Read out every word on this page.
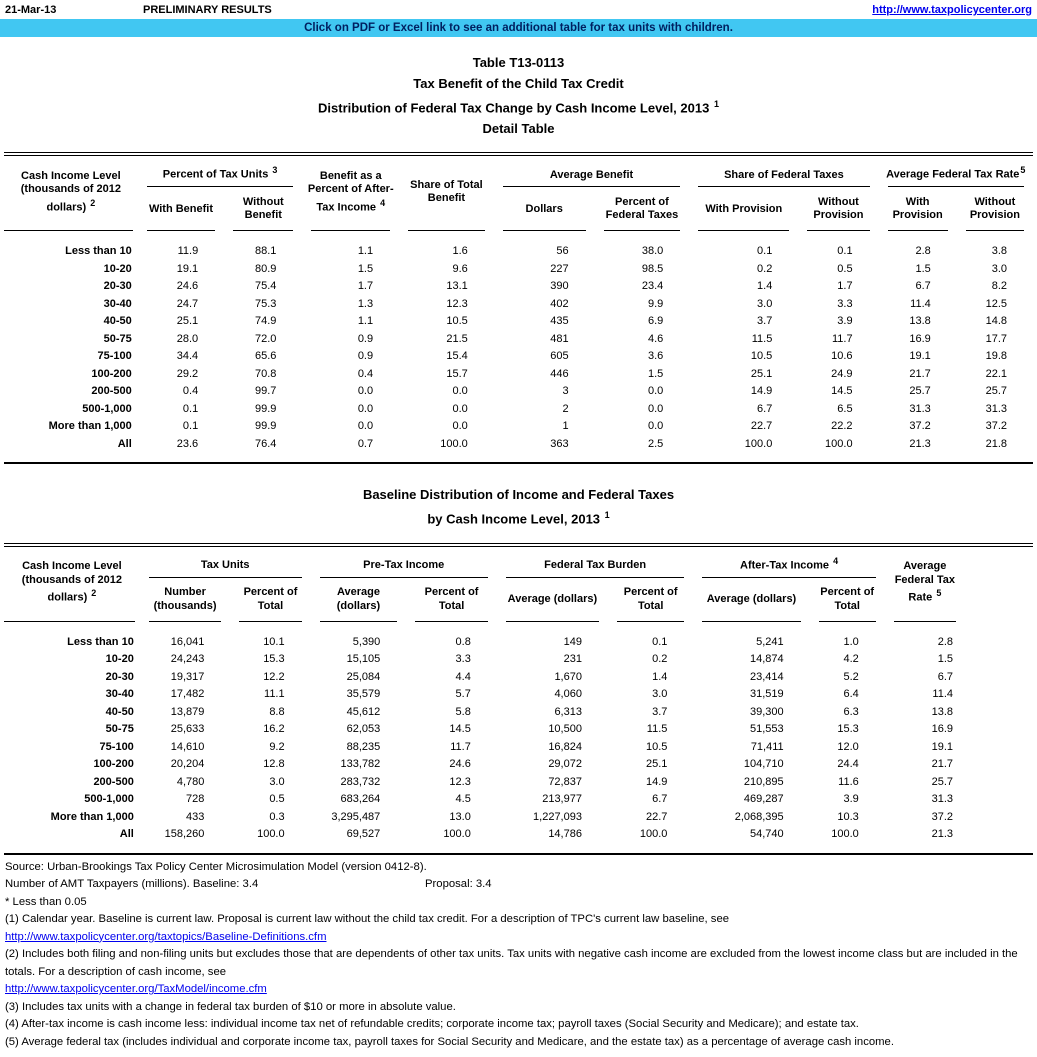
21-Mar-13	PRELIMINARY RESULTS	http://www.taxpolicycenter.org
Click on PDF or Excel link to see an additional table for tax units with children.
Table T13-0113
Tax Benefit of the Child Tax Credit
Distribution of Federal Tax Change by Cash Income Level, 2013 $^1$
Detail Table
Cash Income Level (thousands of 2012 dollars) $^2$	Percent of Tax Units $^3$		Benefit as a Percent of After-Tax Income $^4$	Share of Total Benefit	Average Benefit		Share of Federal Taxes		Average Federal Tax Rate$^5$
	With Benefit	Without Benefit			Dollars	Percent of Federal Taxes	With Provision	Without Provision	With Provision	Without Provision
Less than 10	11.9	88.1	1.1	1.6	56	38.0	0.1	0.1	2.8	3.8
10-20	19.1	80.9	1.5	9.6	227	98.5	0.2	0.5	1.5	3.0
20-30	24.6	75.4	1.7	13.1	390	23.4	1.4	1.7	6.7	8.2
30-40	24.7	75.3	1.3	12.3	402	9.9	3.0	3.3	11.4	12.5
40-50	25.1	74.9	1.1	10.5	435	6.9	3.7	3.9	13.8	14.8
50-75	28.0	72.0	0.9	21.5	481	4.6	11.5	11.7	16.9	17.7
75-100	34.4	65.6	0.9	15.4	605	3.6	10.5	10.6	19.1	19.8
100-200	29.2	70.8	0.4	15.7	446	1.5	25.1	24.9	21.7	22.1
200-500	0.4	99.7	0.0	0.0	3	0.0	14.9	14.5	25.7	25.7
500-1,000	0.1	99.9	0.0	0.0	2	0.0	6.7	6.5	31.3	31.3
More than 1,000	0.1	99.9	0.0	0.0	1	0.0	22.7	22.2	37.2	37.2
All	23.6	76.4	0.7	100.0	363	2.5	100.0	100.0	21.3	21.8
Baseline Distribution of Income and Federal Taxes
by Cash Income Level, 2013 $^1$
Cash Income Level (thousands of 2012 dollars) $^2$	Tax Units		Pre-Tax Income		Federal Tax Burden		After-Tax Income $^4$		Average Federal Tax Rate $^5$	
	Number (thousands)	Percent of Total	Average (dollars)	Percent of Total	Average (dollars)	Percent of Total	Average (dollars)	Percent of Total		
Less than 10	16,041	10.1	5,390	0.8	149	0.1	5,241	1.0	2.8	
10-20	24,243	15.3	15,105	3.3	231	0.2	14,874	4.2	1.5	
20-30	19,317	12.2	25,084	4.4	1,670	1.4	23,414	5.2	6.7	
30-40	17,482	11.1	35,579	5.7	4,060	3.0	31,519	6.4	11.4	
40-50	13,879	8.8	45,612	5.8	6,313	3.7	39,300	6.3	13.8	
50-75	25,633	16.2	62,053	14.5	10,500	11.5	51,553	15.3	16.9	
75-100	14,610	9.2	88,235	11.7	16,824	10.5	71,411	12.0	19.1	
100-200	20,204	12.8	133,782	24.6	29,072	25.1	104,710	24.4	21.7	
200-500	4,780	3.0	283,732	12.3	72,837	14.9	210,895	11.6	25.7	
500-1,000	728	0.5	683,264	4.5	213,977	6.7	469,287	3.9	31.3	
More than 1,000	433	0.3	3,295,487	13.0	1,227,093	22.7	2,068,395	10.3	37.2	
All	158,260	100.0	69,527	100.0	14,786	100.0	54,740	100.0	21.3	
Source: Urban-Brookings Tax Policy Center Microsimulation Model (version 0412-8).
Number of AMT Taxpayers (millions). Baseline: 3.4	Proposal: 3.4
* Less than 0.05
(1) Calendar year. Baseline is current law. Proposal is current law without the child tax credit. For a description of TPC's current law baseline, see
http://www.taxpolicycenter.org/taxtopics/Baseline-Definitions.cfm
(2) Includes both filing and non-filing units but excludes those that are dependents of other tax units. Tax units with negative cash income are excluded from the lowest income class but are included in the totals. For a description of cash income, see
http://www.taxpolicycenter.org/TaxModel/income.cfm
(3) Includes tax units with a change in federal tax burden of $10 or more in absolute value.
(4) After-tax income is cash income less: individual income tax net of refundable credits; corporate income tax; payroll taxes (Social Security and Medicare); and estate tax.
(5) Average federal tax (includes individual and corporate income tax, payroll taxes for Social Security and Medicare, and the estate tax) as a percentage of average cash income.
